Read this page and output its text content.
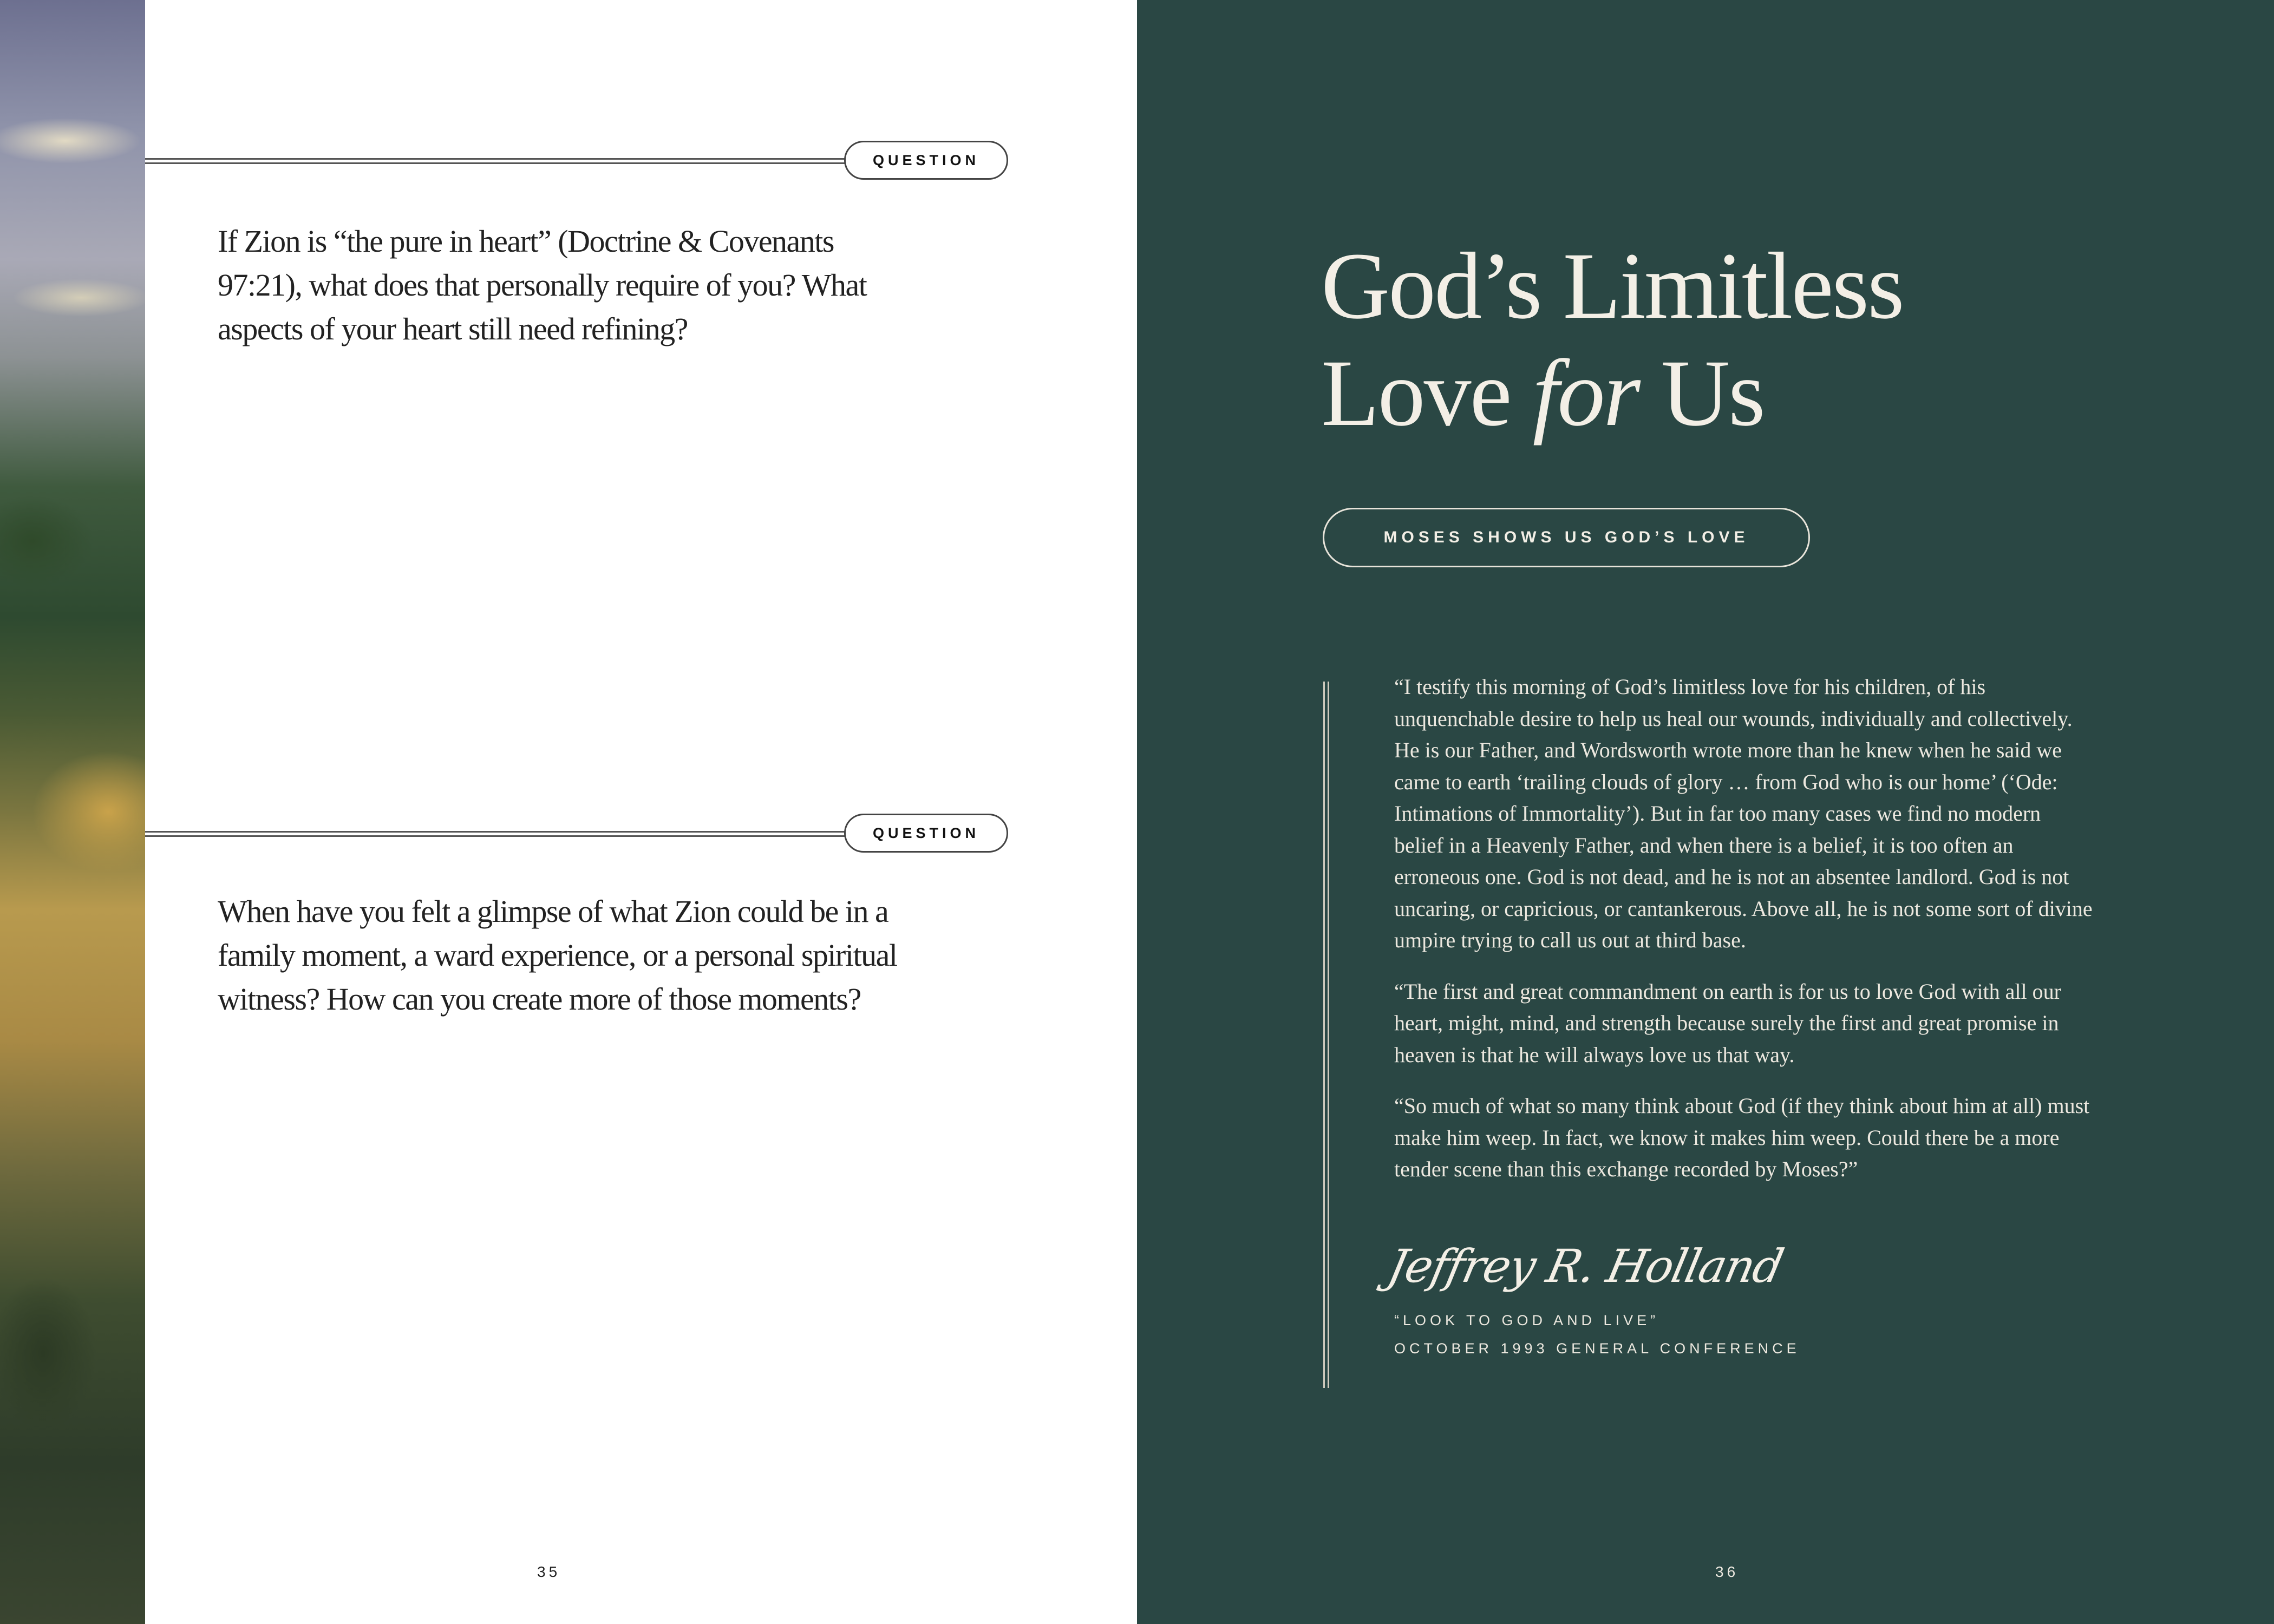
QUESTION
If Zion is “the pure in heart” (Doctrine & Covenants 97:21), what does that personally require of you? What aspects of your heart still need refining?
QUESTION
When have you felt a glimpse of what Zion could be in a family moment, a ward experience, or a personal spiritual witness? How can you create more of those moments?
35
God’s Limitless
Love for Us
MOSES SHOWS US GOD’S LOVE

“I testify this morning of God’s limitless love for his children, of his unquenchable desire to help us heal our wounds, individually and collectively. He is our Father, and Wordsworth wrote more than he knew when he said we came to earth ‘trailing clouds of glory … from God who is our home’ (‘Ode: Intimations of Immortality’). But in far too many cases we find no modern belief in a Heavenly Father, and when there is a belief, it is too often an erroneous one. God is not dead, and he is not an absentee landlord. God is not uncaring, or capricious, or cantankerous. Above all, he is not some sort of divine umpire trying to call us out at third base.

“The first and great commandment on earth is for us to love God with all our heart, might, mind, and strength because surely the first and great promise in heaven is that he will always love us that way.

“So much of what so many think about God (if they think about him at all) must make him weep. In fact, we know it makes him weep. Could there be a more tender scene than this exchange recorded by Moses?”

Jeffrey R. Holland
“LOOK TO GOD AND LIVE”
OCTOBER 1993 GENERAL CONFERENCE
36
